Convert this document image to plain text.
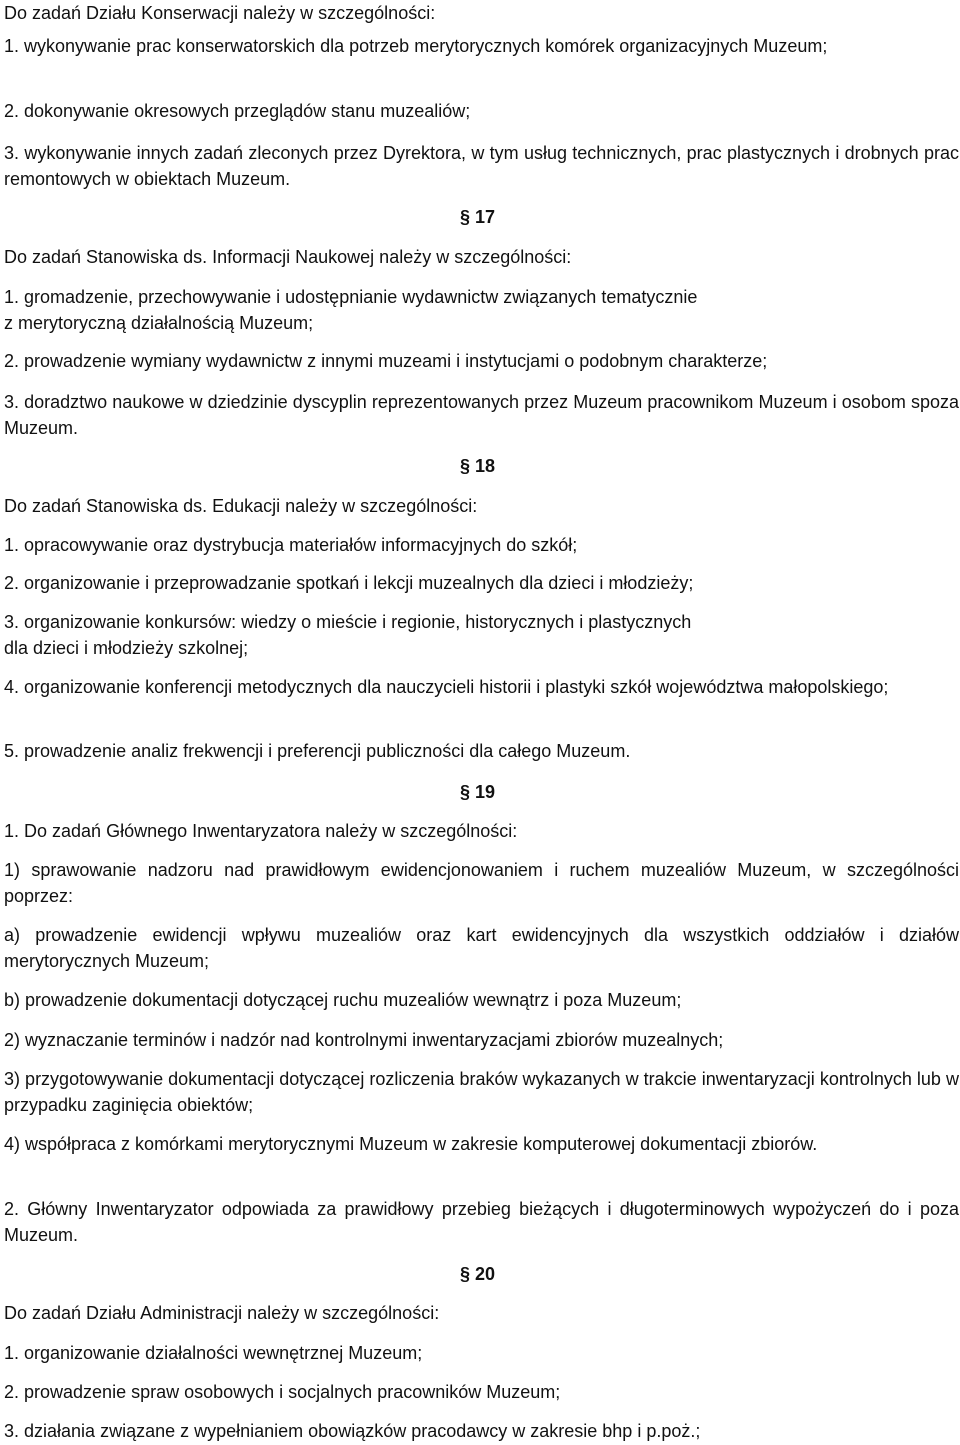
Do zadań Działu Konserwacji należy w szczególności:

1. wykonywanie prac konserwatorskich dla potrzeb merytorycznych komórek organizacyjnych Muzeum;

2. dokonywanie okresowych przeglądów stanu muzealiów;

3. wykonywanie innych zadań zleconych przez Dyrektora, w tym usług technicznych, prac plastycznych i drobnych prac remontowych w obiektach Muzeum.

§ 17

Do zadań Stanowiska ds. Informacji Naukowej należy w szczególności:

1. gromadzenie, przechowywanie i udostępnianie wydawnictw związanych tematycznie
z merytoryczną działalnością Muzeum;

2. prowadzenie wymiany wydawnictw z innymi muzeami i instytucjami o podobnym charakterze;

3. doradztwo naukowe w dziedzinie dyscyplin reprezentowanych przez Muzeum pracownikom Muzeum i osobom spoza Muzeum.

§ 18

Do zadań Stanowiska ds. Edukacji należy w szczególności:

1. opracowywanie oraz dystrybucja materiałów informacyjnych do szkół;

2. organizowanie i przeprowadzanie spotkań i lekcji muzealnych dla dzieci i młodzieży;

3. organizowanie konkursów: wiedzy o mieście i regionie, historycznych i plastycznych
dla dzieci i młodzieży szkolnej;

4. organizowanie konferencji metodycznych dla nauczycieli historii i plastyki szkół województwa małopolskiego;

5. prowadzenie analiz frekwencji i preferencji publiczności dla całego Muzeum.

§ 19

1. Do zadań Głównego Inwentaryzatora należy w szczególności:

1) sprawowanie nadzoru nad prawidłowym ewidencjonowaniem i ruchem muzealiów Muzeum, w szczególności poprzez:

a) prowadzenie ewidencji wpływu muzealiów oraz kart ewidencyjnych dla wszystkich oddziałów i działów merytorycznych Muzeum;

b) prowadzenie dokumentacji dotyczącej ruchu muzealiów wewnątrz i poza Muzeum;

2) wyznaczanie terminów i nadzór nad kontrolnymi inwentaryzacjami zbiorów muzealnych;

3) przygotowywanie dokumentacji dotyczącej rozliczenia braków wykazanych w trakcie inwentaryzacji kontrolnych lub w przypadku zaginięcia obiektów;

4) współpraca z komórkami merytorycznymi Muzeum w zakresie komputerowej dokumentacji zbiorów.

2. Główny Inwentaryzator odpowiada za prawidłowy przebieg bieżących i długoterminowych wypożyczeń do i poza Muzeum.

§ 20

Do zadań Działu Administracji należy w szczególności:

1. organizowanie działalności wewnętrznej Muzeum;

2. prowadzenie spraw osobowych i socjalnych pracowników Muzeum;

3. działania związane z wypełnianiem obowiązków pracodawcy w zakresie bhp i p.poż.;
